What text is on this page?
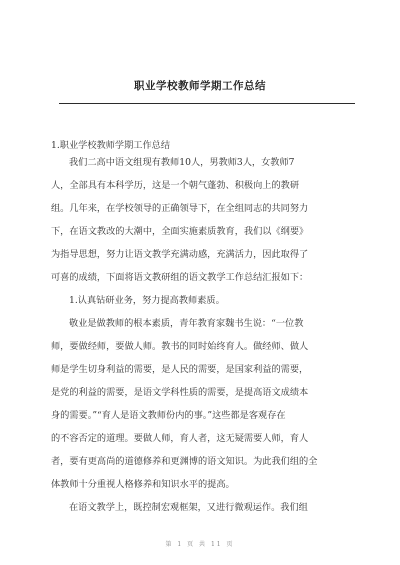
职业学校教师学期工作总结
1.职业学校教师学期工作总结
我们二高中语文组现有教师10人，男教师3人，女教师7
人，全部具有本科学历，这是一个朝气蓬勃、积极向上的教研
组。几年来，在学校领导的正确领导下，在全组同志的共同努力
下，在语文教改的大潮中，全面实施素质教育，我们以《纲要》
为指导思想，努力让语文教学充满动感，充满活力，因此取得了
可喜的成绩，下面将语文教研组的语文教学工作总结汇报如下：
1.认真钻研业务，努力提高教师素质。
敬业是做教师的根本素质，青年教育家魏书生说：“一位教
师，要做经师，要做人师。教书的同时始终育人。做经师、做人
师是学生切身利益的需要，是人民的需要，是国家利益的需要，
是党的利益的需要，是语文学科性质的需要，是提高语文成绩本
身的需要。”“育人是语文教师份内的事。”这些都是客观存在
的不容否定的道理。要做人师，育人者，这无疑需要人师，育人
者，要有更高尚的道德修养和更渊博的语文知识。为此我们组的全
体教师十分重视人格修养和知识水平的提高。
在语文教学上，既控制宏观框架，又进行微观运作。我们组
第 1 页 共 11 页
